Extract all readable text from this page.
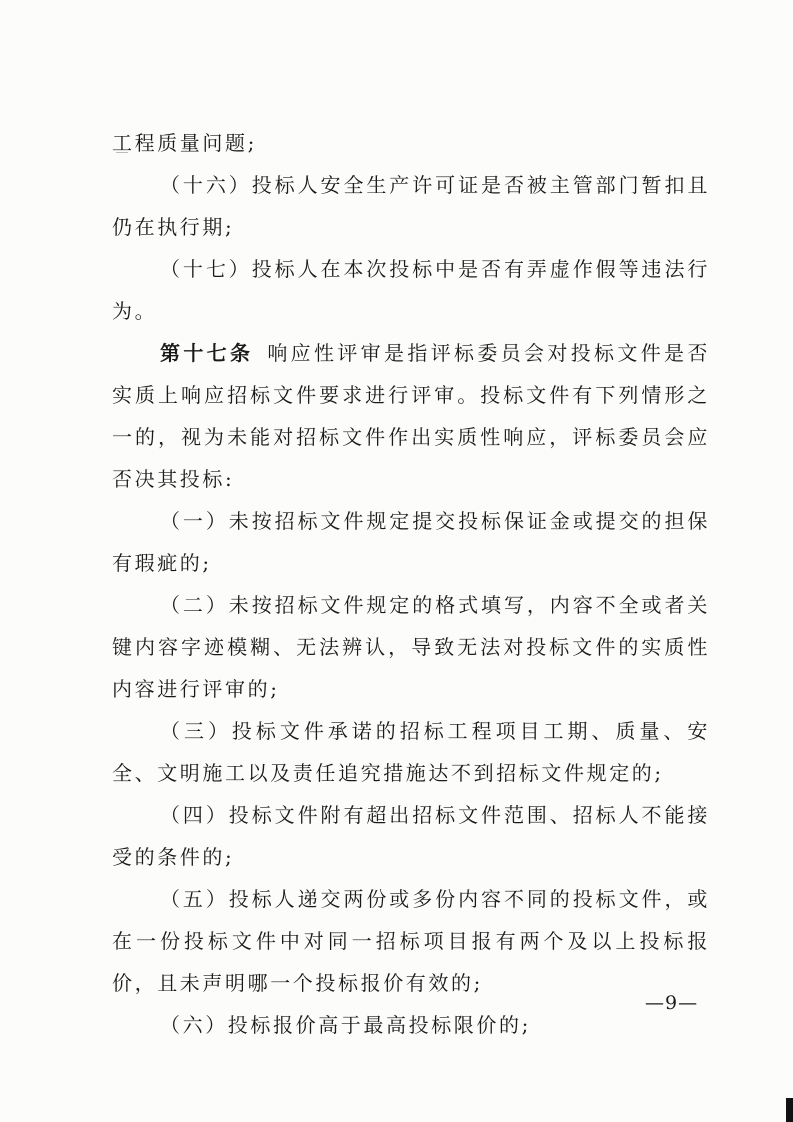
工程质量问题;

（十六）投标人安全生产许可证是否被主管部门暂扣且仍在执行期;

（十七）投标人在本次投标中是否有弄虚作假等违法行为。

第十七条 响应性评审是指评标委员会对投标文件是否实质上响应招标文件要求进行评审。投标文件有下列情形之一的，视为未能对招标文件作出实质性响应，评标委员会应否决其投标:

（一）未按招标文件规定提交投标保证金或提交的担保有瑕疵的;

（二）未按招标文件规定的格式填写，内容不全或者关键内容字迹模糊、无法辨认，导致无法对投标文件的实质性内容进行评审的;

（三）投标文件承诺的招标工程项目工期、质量、安全、文明施工以及责任追究措施达不到招标文件规定的;

（四）投标文件附有超出招标文件范围、招标人不能接受的条件的;

（五）投标人递交两份或多份内容不同的投标文件，或在一份投标文件中对同一招标项目报有两个及以上投标报价，且未声明哪一个投标报价有效的;

（六）投标报价高于最高投标限价的;

—9—
